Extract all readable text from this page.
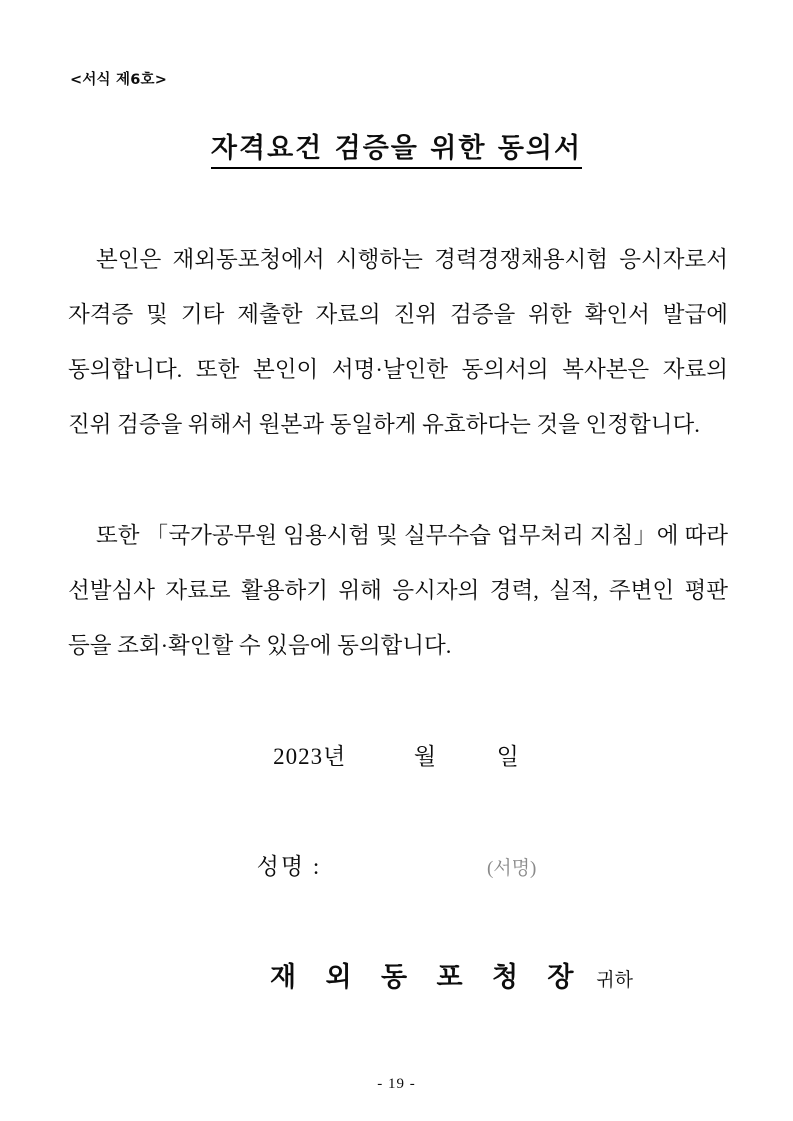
<서식 제6호>
자격요건 검증을 위한 동의서
본인은 재외동포청에서 시행하는 경력경쟁채용시험 응시자로서 자격증 및 기타 제출한 자료의 진위 검증을 위한 확인서 발급에 동의합니다. 또한 본인이 서명·날인한 동의서의 복사본은 자료의 진위 검증을 위해서 원본과 동일하게 유효하다는 것을 인정합니다.
또한 「국가공무원 임용시험 및 실무수습 업무처리 지침」에 따라 선발심사 자료로 활용하기 위해 응시자의 경력, 실적, 주변인 평판 등을 조회·확인할 수 있음에 동의합니다.
2023년	월	일
성명 :	(서명)
재 외 동 포 청 장 귀하
- 19 -
